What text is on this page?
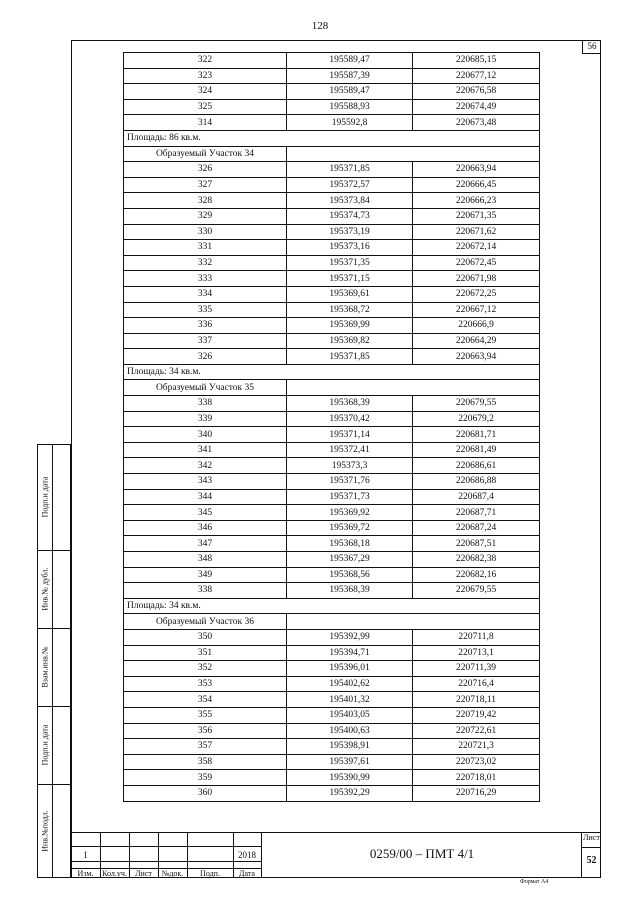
128
56
322	195589,47	220685,15
323	195587,39	220677,12
324	195589,47	220676,58
325	195588,93	220674,49
314	195592,8	220673,48
Площадь: 86 кв.м.		
Образуемый Участок 34		
326	195371,85	220663,94
327	195372,57	220666,45
328	195373,84	220666,23
329	195374,73	220671,35
330	195373,19	220671,62
331	195373,16	220672,14
332	195371,35	220672,45
333	195371,15	220671,98
334	195369,61	220672,25
335	195368,72	220667,12
336	195369,99	220666,9
337	195369,82	220664,29
326	195371,85	220663,94
Площадь: 34 кв.м.		
Образуемый Участок 35		
338	195368,39	220679,55
339	195370,42	220679,2
340	195371,14	220681,71
341	195372,41	220681,49
342	195373,3	220686,61
343	195371,76	220686,88
344	195371,73	220687,4
345	195369,92	220687,71
346	195369,72	220687,24
347	195368,18	220687,51
348	195367,29	220682,38
349	195368,56	220682,16
338	195368,39	220679,55
Площадь: 34 кв.м.		
Образуемый Участок 36		
350	195392,99	220711,8
351	195394,71	220713,1
352	195396,01	220711,39
353	195402,62	220716,4
354	195401,32	220718,11
355	195403,05	220719,42
356	195400,63	220722,61
357	195398,91	220721,3
358	195397,61	220723,02
359	195390,99	220718,01
360	195392,29	220716,29
Подп.и дата
Инв.№ дубл.
Взам.инв.№
Подп.и дата
Инв.№подл.
1	2018
Изм.	Кол.уч.	Лист	№док.	Подп.	Дата
0259/00 – ПМТ 4/1
Лист
52
Формат А4
